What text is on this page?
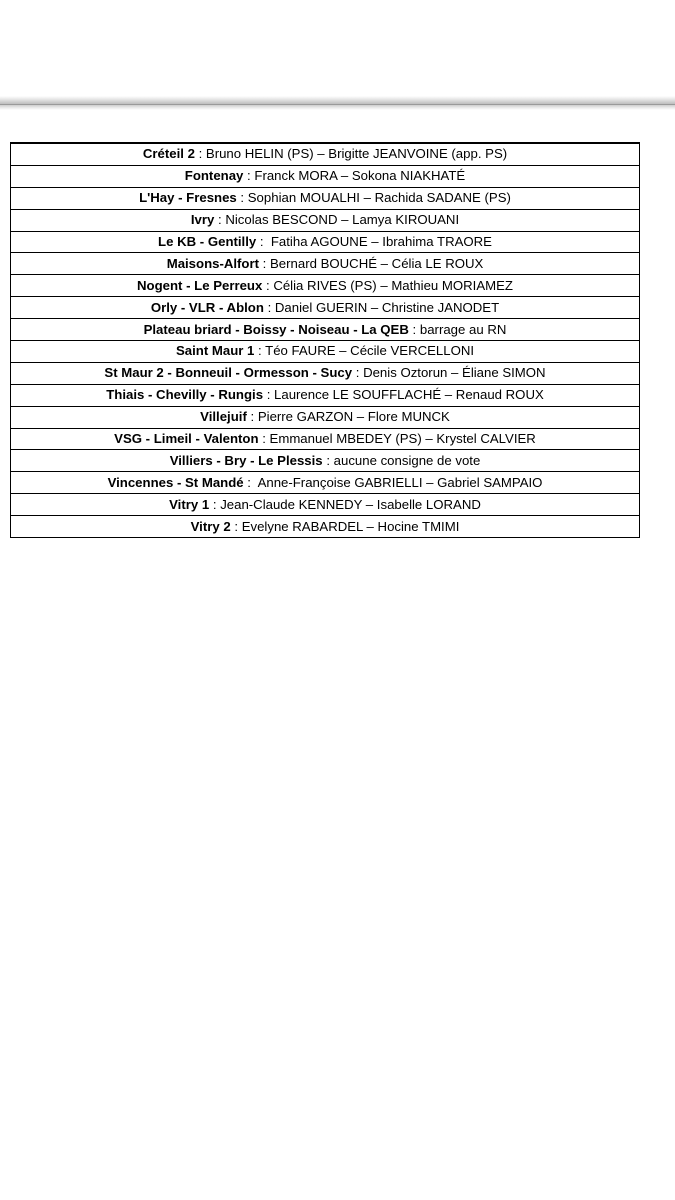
Créteil 2 : Bruno HELIN (PS) – Brigitte JEANVOINE (app. PS)
Fontenay : Franck MORA – Sokona NIAKHATÉ
L'Hay - Fresnes : Sophian MOUALHI – Rachida SADANE (PS)
Ivry : Nicolas BESCOND – Lamya KIROUANI
Le KB - Gentilly :  Fatiha AGOUNE – Ibrahima TRAORE
Maisons-Alfort : Bernard BOUCHÉ – Célia LE ROUX
Nogent - Le Perreux : Célia RIVES (PS) – Mathieu MORIAMEZ
Orly - VLR - Ablon : Daniel GUERIN – Christine JANODET
Plateau briard - Boissy - Noiseau - La QEB : barrage au RN
Saint Maur 1 : Téo FAURE – Cécile VERCELLONI
St Maur 2 - Bonneuil - Ormesson - Sucy : Denis Oztorun – Éliane SIMON
Thiais - Chevilly - Rungis : Laurence LE SOUFFLACHÉ – Renaud ROUX
Villejuif : Pierre GARZON – Flore MUNCK
VSG - Limeil - Valenton : Emmanuel MBEDEY (PS) – Krystel CALVIER
Villiers - Bry - Le Plessis : aucune consigne de vote
Vincennes - St Mandé :  Anne-Françoise GABRIELLI – Gabriel SAMPAIO
Vitry 1 : Jean-Claude KENNEDY – Isabelle LORAND
Vitry 2 : Evelyne RABARDEL – Hocine TMIMI
